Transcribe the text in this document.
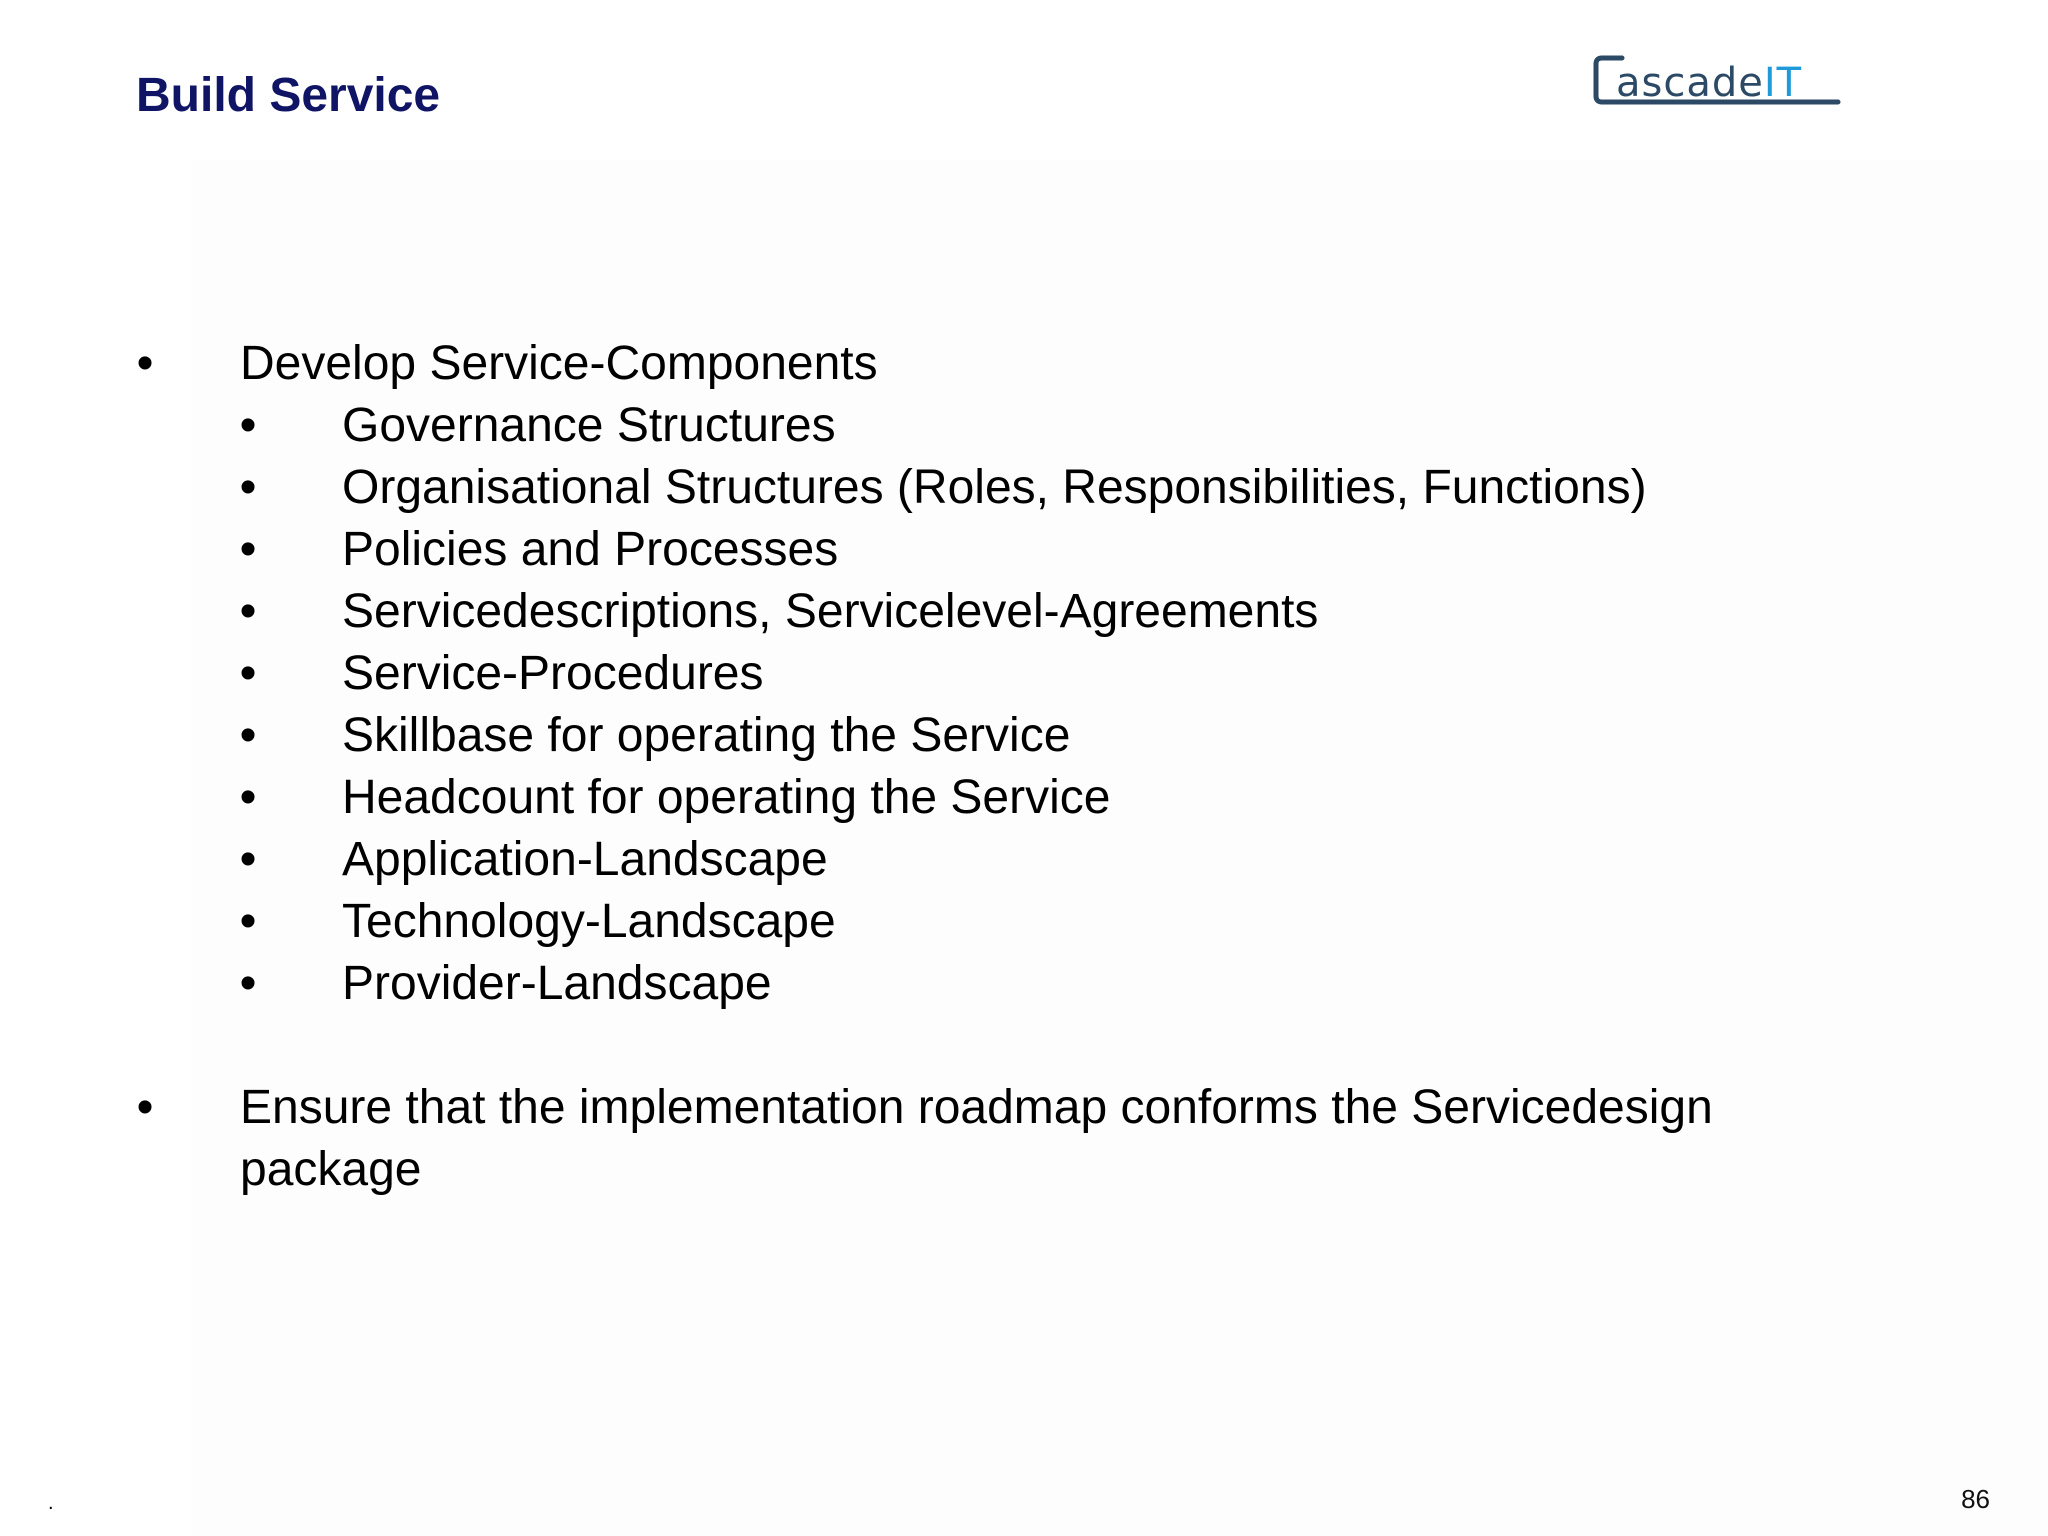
Build Service	ascadeIT
• Develop Service-Components
• Governance Structures
• Organisational Structures (Roles, Responsibilities, Functions)
• Policies and Processes
• Servicedescriptions, Servicelevel-Agreements
• Service-Procedures
• Skillbase for operating the Service
• Headcount for operating the Service
• Application-Landscape
• Technology-Landscape
• Provider-Landscape
• Ensure that the implementation roadmap conforms the Servicedesign package
.	86
